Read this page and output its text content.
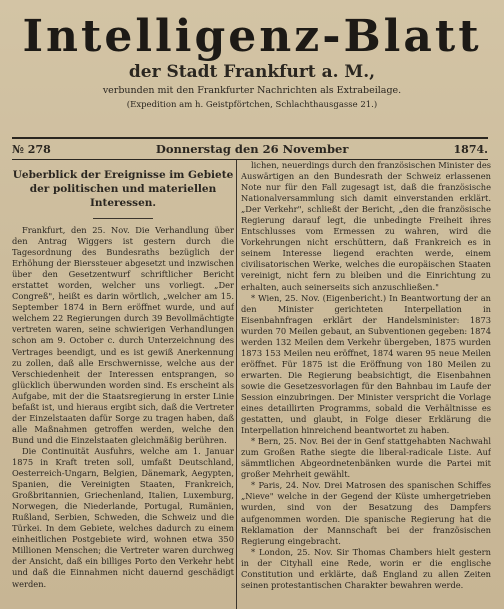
Intelligenz-Blatt
der Stadt Frankfurt a. M.,
verbunden mit den Frankfurter Nachrichten als Extrabeilage.
(Expedition am h. Geistpförtchen, Schlachthausgasse 21.)
№ 278	Donnerstag den 26 November	1874.
Ueberblick der Ereignisse im Gebiete der politischen und materiellen Interessen.

Frankfurt, den 25. Nov. Die Verhandlung über den Antrag Wiggers ist gestern durch die Tagesordnung des Bundesraths bezüglich der Erhöhung der Bierssteuer abgesetzt und inzwischen über den Gesetzentwurf schriftlicher Bericht erstattet worden, welcher uns vorliegt. „Der Congreß", heißt es darin wörtlich, „welcher am 15. September 1874 in Bern eröffnet wurde, und auf welchem 22 Regierungen durch 39 Bevollmächtigte vertreten waren, seine schwierigen Verhandlungen schon am 9. October c. durch Unterzeichnung des Vertrages beendigt, und es ist gewiß Anerkennung zu zollen, daß alle Erschwernisse, welche aus der Verschiedenheit der Interessen entsprangen, so glücklich überwunden worden sind. Es erscheint als Aufgabe, mit der die Staatsregierung in erster Linie befaßt ist, und hieraus ergibt sich, daß die Vertreter der Einzelstaaten dafür Sorge zu tragen haben, daß alle Maßnahmen getroffen werden, welche den Bund und die Einzelstaaten gleichmäßig berühren.

Die Continuität Ausfuhrs, welche am 1. Januar 1875 in Kraft treten soll, umfaßt Deutschland, Oesterreich-Ungarn, Belgien, Dänemark, Aegypten, Spanien, die Vereinigten Staaten, Frankreich, Großbritannien, Griechenland, Italien, Luxemburg, Norwegen, die Niederlande, Portugal, Rumänien, Rußland, Serbien, Schweden, die Schweiz und die Türkei. In dem Gebiete, welches dadurch zu einem einheitlichen Postgebiete wird, wohnen etwa 350 Millionen Menschen; die Vertreter waren durchweg der Ansicht, daß ein billiges Porto den Verkehr hebt und daß die Einnahmen nicht dauernd geschädigt werden.

lichen, neuerdings durch den französischen Minister des Auswärtigen an den Bundesrath der Schweiz erlassenen Note nur für den Fall zugesagt ist, daß die französische Nationalversammlung sich damit einverstanden erklärt. „Der Verkehr", schließt der Bericht, „den die französische Regierung darauf legt, die unbedingte Freiheit ihres Entschlusses vom Ermessen zu wahren, wird die Vorkehrungen nicht erschüttern, daß Frankreich es in seinem Interesse liegend erachten werde, einem civilisatorischen Werke, welches die europäischen Staaten vereinigt, nicht fern zu bleiben und die Einrichtung zu erhalten, auch seinerseits sich anzuschließen."

* Wien, 25. Nov. (Eigenbericht.) In Beantwortung der an den Minister gerichteten Interpellation in Eisenbahnfragen erklärt der Handelsminister: 1873 wurden 70 Meilen gebaut, an Subventionen gegeben: 1874 werden 132 Meilen dem Verkehr übergeben, 1875 wurden 1873 153 Meilen neu eröffnet, 1874 waren 95 neue Meilen eröffnet. Für 1875 ist die Eröffnung von 180 Meilen zu erwarten. Die Regierung beabsichtigt, die Eisenbahnen sowie die Gesetzesvorlagen für den Bahnbau im Laufe der Session einzubringen. Der Minister verspricht die Vorlage eines detaillirten Programms, sobald die Verhältnisse es gestatten, und glaubt, in Folge dieser Erklärung die Interpellation hinreichend beantwortet zu haben.

* Bern, 25. Nov. Bei der in Genf stattgehabten Nachwahl zum Großen Rathe siegte die liberal-radicale Liste. Auf sämmtlichen Abgeordnetenbänken wurde die Partei mit großer Mehrheit gewählt.

* Paris, 24. Nov. Drei Matrosen des spanischen Schiffes „Nieve" welche in der Gegend der Küste umhergetrieben wurden, sind von der Besatzung des Dampfers aufgenommen worden. Die spanische Regierung hat die Reklamation der Mannschaft bei der französischen Regierung eingebracht.

* London, 25. Nov. Sir Thomas Chambers hielt gestern in der Cityhall eine Rede, worin er die englische Constitution und erklärte, daß England zu allen Zeiten seinen protestantischen Charakter bewahren werde.
